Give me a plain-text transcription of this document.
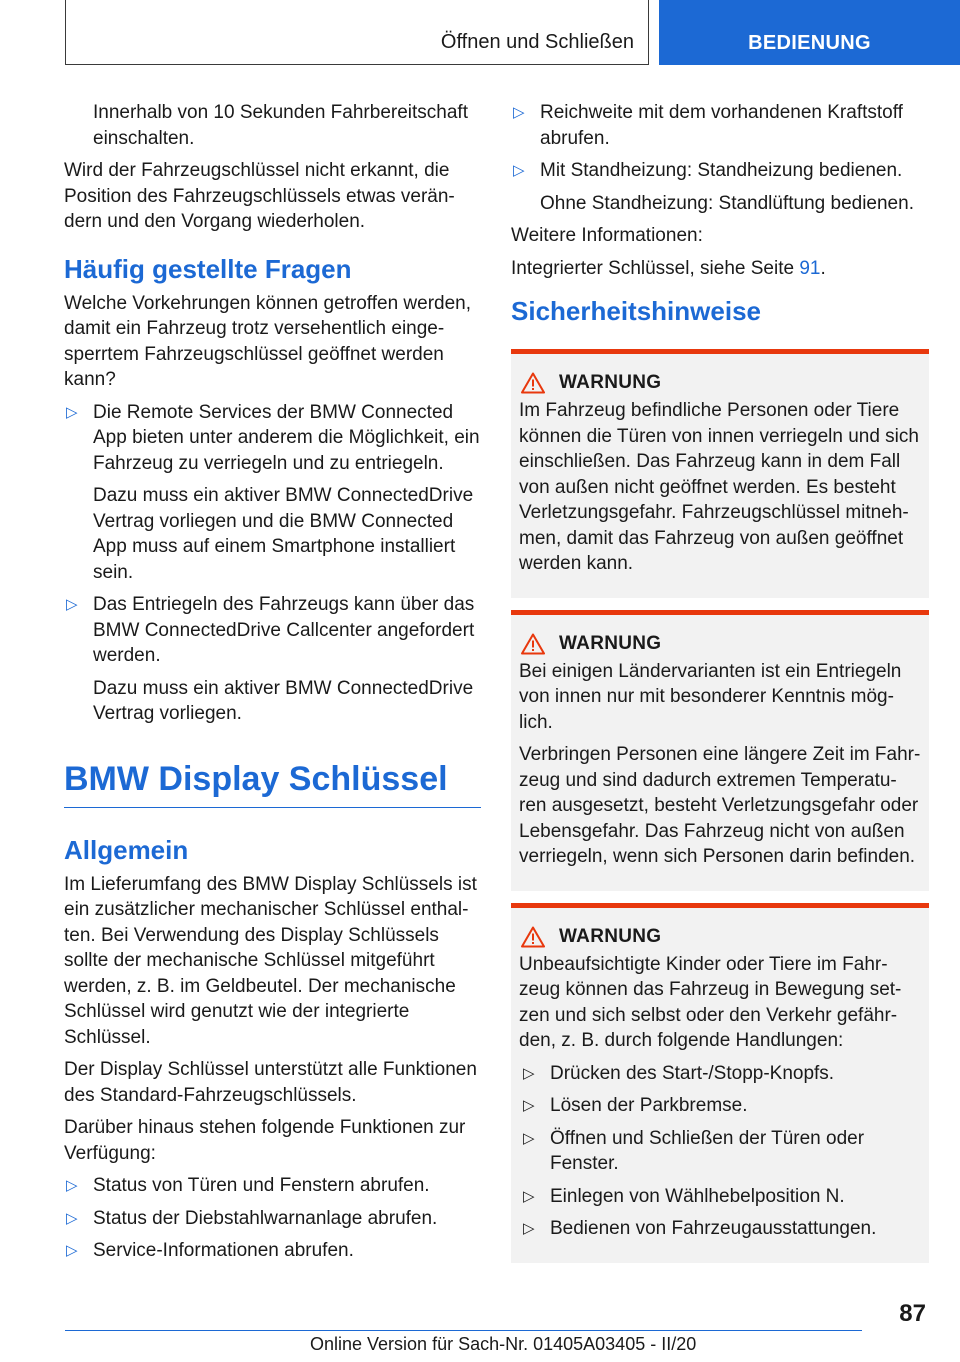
Öffnen und Schließen	BEDIENUNG

Innerhalb von 10 Sekunden Fahrbereitschaft einschalten.

Wird der Fahrzeugschlüssel nicht erkannt, die Position des Fahrzeugschlüssels etwas verän-dern und den Vorgang wiederholen.

Häufig gestellte Fragen

Welche Vorkehrungen können getroffen werden, damit ein Fahrzeug trotz versehentlich einge-sperrtem Fahrzeugschlüssel geöffnet werden kann?

▷ Die Remote Services der BMW Connected App bieten unter anderem die Möglichkeit, ein Fahrzeug zu verriegeln und zu entriegeln.

Dazu muss ein aktiver BMW ConnectedDrive Vertrag vorliegen und die BMW Connected App muss auf einem Smartphone installiert sein.

▷ Das Entriegeln des Fahrzeugs kann über das BMW ConnectedDrive Callcenter angefordert werden.

Dazu muss ein aktiver BMW ConnectedDrive Vertrag vorliegen.

BMW Display Schlüssel
Allgemein

Im Lieferumfang des BMW Display Schlüssels ist ein zusätzlicher mechanischer Schlüssel enthal-ten. Bei Verwendung des Display Schlüssels sollte der mechanische Schlüssel mitgeführt werden, z. B. im Geldbeutel. Der mechanische Schlüssel wird genutzt wie der integrierte Schlüssel.

Der Display Schlüssel unterstützt alle Funktionen des Standard-Fahrzeugschlüssels.

Darüber hinaus stehen folgende Funktionen zur Verfügung:

▷ Status von Türen und Fenstern abrufen.
▷ Status der Diebstahlwarnanlage abrufen.
▷ Service-Informationen abrufen.
▷ Reichweite mit dem vorhandenen Kraftstoff abrufen.

▷ Mit Standheizung: Standheizung bedienen.

Ohne Standheizung: Standlüftung bedienen.

Weitere Informationen:

Integrierter Schlüssel, siehe Seite 91.

Sicherheitshinweise
WARNUNG

Im Fahrzeug befindliche Personen oder Tiere können die Türen von innen verriegeln und sich einschließen. Das Fahrzeug kann in dem Fall von außen nicht geöffnet werden. Es besteht Verletzungsgefahr. Fahrzeugschlüssel mitneh-men, damit das Fahrzeug von außen geöffnet werden kann.

WARNUNG

Bei einigen Ländervarianten ist ein Entriegeln von innen nur mit besonderer Kenntnis mög-lich.

Verbringen Personen eine längere Zeit im Fahr-zeug und sind dadurch extremen Temperatu-ren ausgesetzt, besteht Verletzungsgefahr oder Lebensgefahr. Das Fahrzeug nicht von außen verriegeln, wenn sich Personen darin befinden.

WARNUNG

Unbeaufsichtigte Kinder oder Tiere im Fahr-zeug können das Fahrzeug in Bewegung set-zen und sich selbst oder den Verkehr gefähr-den, z. B. durch folgende Handlungen:

▷ Drücken des Start-/Stopp-Knopfs.
▷ Lösen der Parkbremse.
▷ Öffnen und Schließen der Türen oder Fenster.
▷ Einlegen von Wählhebelposition N.
▷ Bedienen von Fahrzeugausstattungen.
87
Online Version für Sach-Nr. 01405A03405 - II/20
